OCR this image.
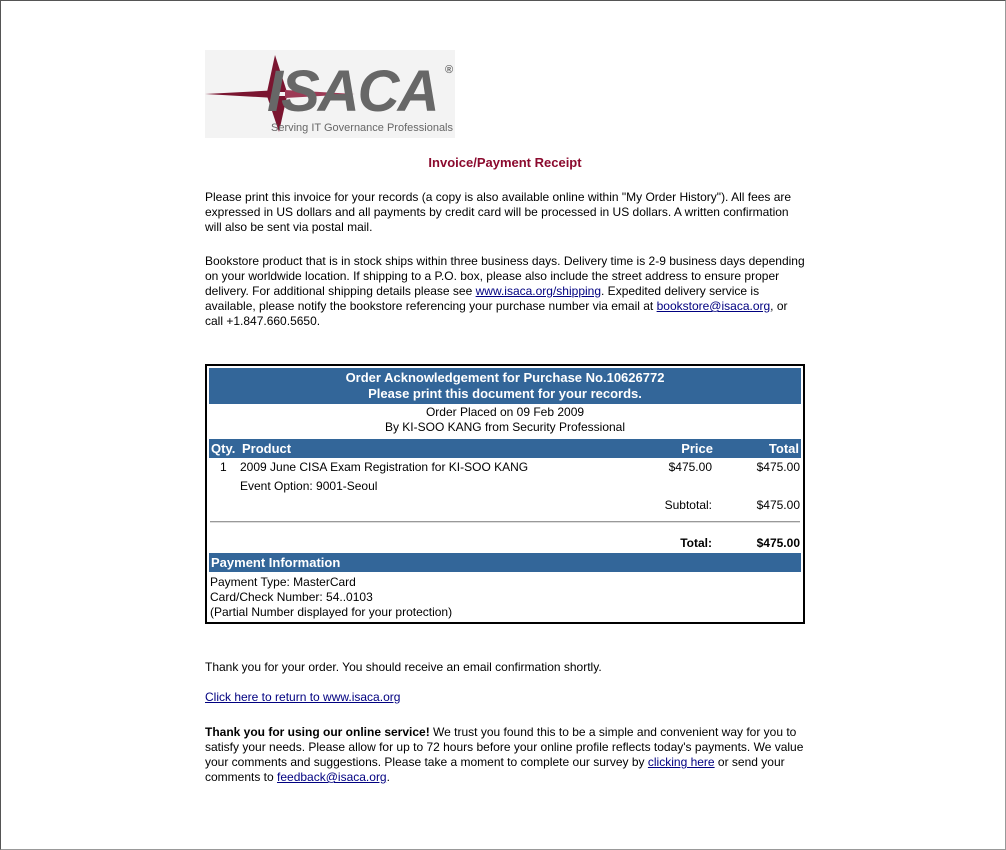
ISACA ®
Serving IT Governance Professionals
Invoice/Payment Receipt
Please print this invoice for your records (a copy is also available online within "My Order History"). All fees are expressed in US dollars and all payments by credit card will be processed in US dollars. A written confirmation will also be sent via postal mail.
Bookstore product that is in stock ships within three business days. Delivery time is 2-9 business days depending on your worldwide location. If shipping to a P.O. box, please also include the street address to ensure proper delivery. For additional shipping details please see www.isaca.org/shipping. Expedited delivery service is available, please notify the bookstore referencing your purchase number via email at bookstore@isaca.org, or call +1.847.660.5650.
Order Acknowledgement for Purchase No.10626772
Please print this document for your records.
Order Placed on 09 Feb 2009
By KI-SOO KANG from Security Professional
Qty. Product	Price	Total
1 2009 June CISA Exam Registration for KI-SOO KANG	$475.00	$475.00
Event Option: 9001-Seoul
Subtotal:	$475.00
Total:	$475.00
Payment Information
Payment Type: MasterCard
Card/Check Number: 54..0103
(Partial Number displayed for your protection)
Thank you for your order. You should receive an email confirmation shortly.
Click here to return to www.isaca.org
Thank you for using our online service! We trust you found this to be a simple and convenient way for you to satisfy your needs. Please allow for up to 72 hours before your online profile reflects today's payments. We value your comments and suggestions. Please take a moment to complete our survey by clicking here or send your comments to feedback@isaca.org.
